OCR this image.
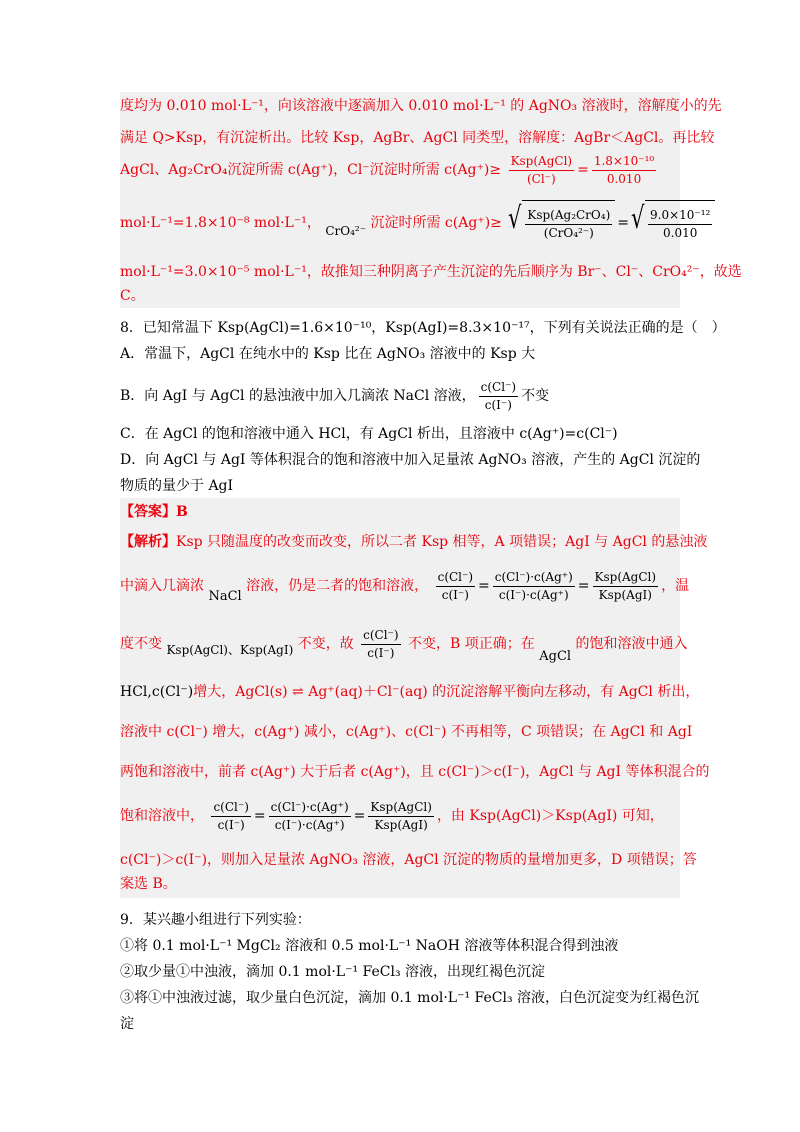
度均为 0.010 mol·L⁻¹，向该溶液中逐滴加入 0.010 mol·L⁻¹ 的 AgNO₃ 溶液时，溶解度小的先
满足 Q>Ksp，有沉淀析出。比较 Ksp，AgBr、AgCl 同类型，溶解度：AgBr＜AgCl。再比较
AgCl、Ag₂CrO₄沉淀所需 c(Ag⁺)，Cl⁻沉淀时所需 $c(Ag^+)\ge \frac{\text{Ksp(AgCl)}}{(Cl^-)} = \frac{\text{1.8×10⁻¹⁰}}{0.010}$
mol·L⁻¹=1.8×10⁻⁸ mol·L⁻¹， CrO₄²⁻ 沉淀时所需 c(Ag⁺)≥ √ $\frac{\text{Ksp(Ag₂CrO₄)}}{\text{(CrO₄²⁻)}}$ = √ $\frac{\text{9.0×10⁻¹²}}{0.010}$
mol·L⁻¹=3.0×10⁻⁵ mol·L⁻¹，故推知三种阴离子产生沉淀的先后顺序为 Br⁻、Cl⁻、CrO₄²⁻，故选
C。
8．已知常温下 Ksp(AgCl)=1.6×10⁻¹⁰，Ksp(AgI)=8.3×10⁻¹⁷，下列有关说法正确的是（　）
A．常温下，AgCl 在纯水中的 Ksp 比在 AgNO₃ 溶液中的 Ksp 大
B．向 AgI 与 AgCl 的悬浊液中加入几滴浓 NaCl 溶液， $\frac{c(Cl^-)}{c(I^-)}$ 不变
C．在 AgCl 的饱和溶液中通入 HCl，有 AgCl 析出，且溶液中 c(Ag⁺)=c(Cl⁻)
D．向 AgCl 与 AgI 等体积混合的饱和溶液中加入足量浓 AgNO₃ 溶液，产生的 AgCl 沉淀的
物质的量少于 AgI
【答案】B
【解析】Ksp 只随温度的改变而改变，所以二者 Ksp 相等，A 项错误；AgI 与 AgCl 的悬浊液
中滴入几滴浓 NaCl 溶液，仍是二者的饱和溶液， $\frac{c(Cl^-)}{c(I^-)} = \frac{c(Cl^-)\cdot c(Ag^+)}{c(I^-)\cdot c(Ag^+)} = \frac{\text{Ksp(AgCl)}}{\text{Ksp(AgI)}}$ ，温
度不变 Ksp(AgCl)、Ksp(AgI) 不变，故 $\frac{c(Cl^-)}{c(I^-)}$ 不变，B 项正确；在 AgCl 的饱和溶液中通入
HCl,c(Cl⁻)增大，AgCl(s) ⇌ Ag⁺(aq)＋Cl⁻(aq) 的沉淀溶解平衡向左移动，有 AgCl 析出，
溶液中 c(Cl⁻) 增大，c(Ag⁺) 减小，c(Ag⁺)、c(Cl⁻) 不再相等，C 项错误；在 AgCl 和 AgI
两饱和溶液中，前者 c(Ag⁺) 大于后者 c(Ag⁺)，且 c(Cl⁻)＞c(I⁻)，AgCl 与 AgI 等体积混合的
饱和溶液中， $\frac{c(Cl^-)}{c(I^-)} = \frac{c(Cl^-)\cdot c(Ag^+)}{c(I^-)\cdot c(Ag^+)} = \frac{\text{Ksp(AgCl)}}{\text{Ksp(AgI)}}$ ，由 Ksp(AgCl)＞Ksp(AgI) 可知，
c(Cl⁻)＞c(I⁻)，则加入足量浓 AgNO₃ 溶液，AgCl 沉淀的物质的量增加更多，D 项错误；答
案选 B。
9．某兴趣小组进行下列实验：
①将 0.1 mol·L⁻¹ MgCl₂ 溶液和 0.5 mol·L⁻¹ NaOH 溶液等体积混合得到浊液
②取少量①中浊液，滴加 0.1 mol·L⁻¹ FeCl₃ 溶液，出现红褐色沉淀
③将①中浊液过滤，取少量白色沉淀，滴加 0.1 mol·L⁻¹ FeCl₃ 溶液，白色沉淀变为红褐色沉
淀
